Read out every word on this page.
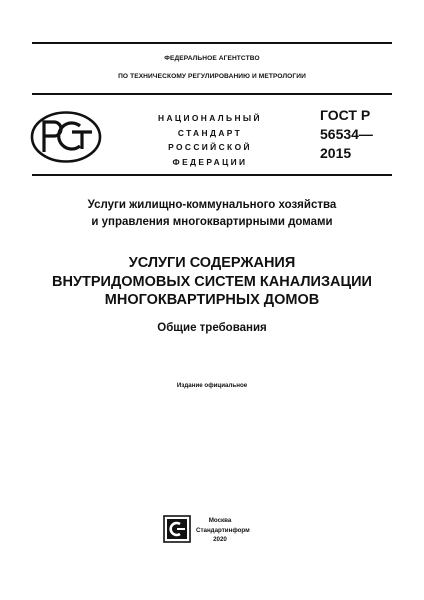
ФЕДЕРАЛЬНОЕ АГЕНТСТВО
ПО ТЕХНИЧЕСКОМУ РЕГУЛИРОВАНИЮ И МЕТРОЛОГИИ
НАЦИОНАЛЬНЫЙ
СТАНДАРТ
РОССИЙСКОЙ
ФЕДЕРАЦИИ
ГОСТ Р
56534—
2015
Услуги жилищно-коммунального хозяйства
и управления многоквартирными домами
УСЛУГИ СОДЕРЖАНИЯ
ВНУТРИДОМОВЫХ СИСТЕМ КАНАЛИЗАЦИИ
МНОГОКВАРТИРНЫХ ДОМОВ
Общие требования
Издание официальное
Москва
Стандартинформ
2020
